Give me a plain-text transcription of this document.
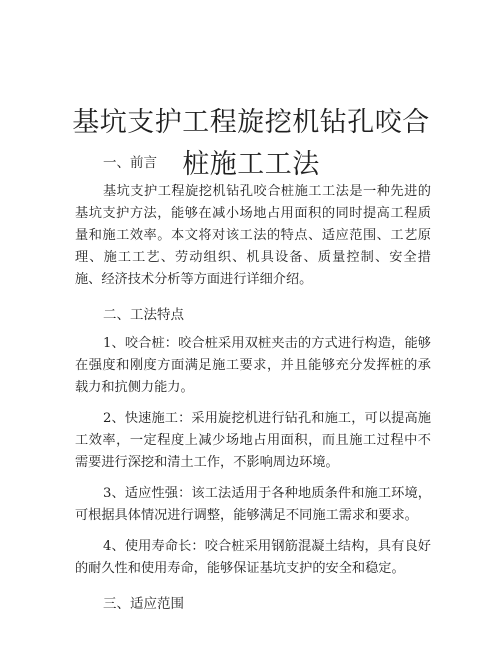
基坑支护工程旋挖机钻孔咬合桩施工工法
一、前言

基坑支护工程旋挖机钻孔咬合桩施工工法是一种先进的基坑支护方法，能够在减小场地占用面积的同时提高工程质量和施工效率。本文将对该工法的特点、适应范围、工艺原理、施工工艺、劳动组织、机具设备、质量控制、安全措施、经济技术分析等方面进行详细介绍。

二、工法特点

1、咬合桩：咬合桩采用双桩夹击的方式进行构造，能够在强度和刚度方面满足施工要求，并且能够充分发挥桩的承载力和抗侧力能力。

2、快速施工：采用旋挖机进行钻孔和施工，可以提高施工效率，一定程度上减少场地占用面积，而且施工过程中不需要进行深挖和清土工作，不影响周边环境。

3、适应性强：该工法适用于各种地质条件和施工环境，可根据具体情况进行调整，能够满足不同施工需求和要求。

4、使用寿命长：咬合桩采用钢筋混凝土结构，具有良好的耐久性和使用寿命，能够保证基坑支护的安全和稳定。

三、适应范围
